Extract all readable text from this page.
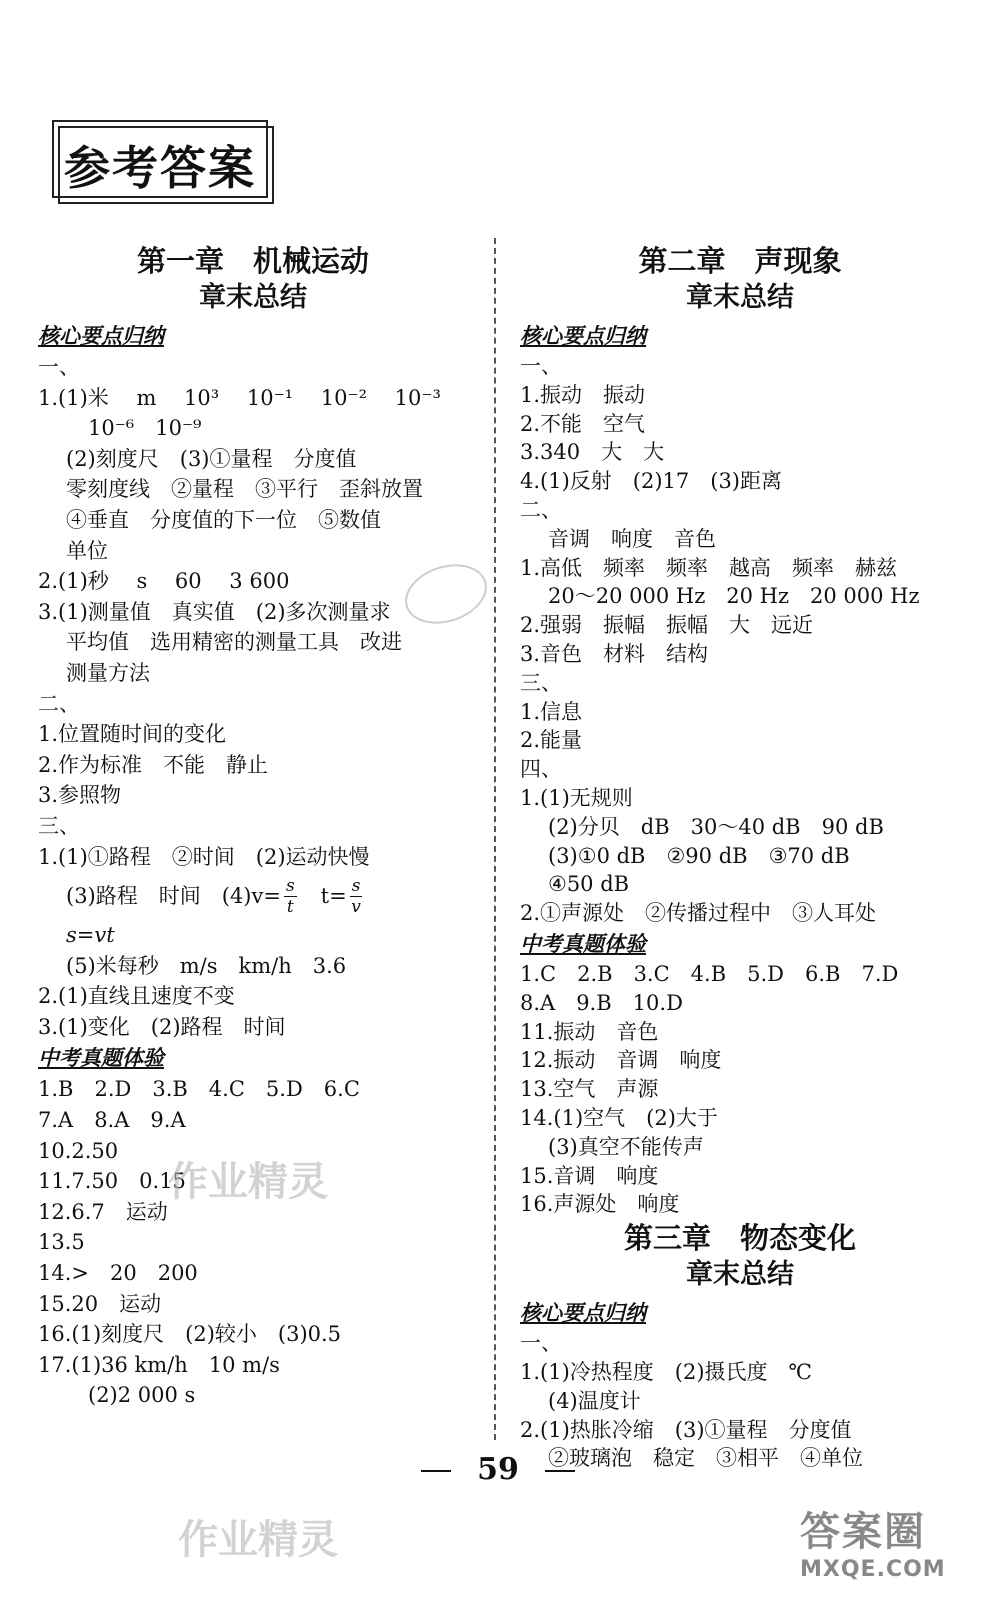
参考答案
第一章　机械运动
章末总结
核心要点归纳
一、
1.(1)米　 m　 10³　 10⁻¹　 10⁻²　 10⁻³
10⁻⁶　10⁻⁹
(2)刻度尺　(3)①量程　分度值
零刻度线　②量程　③平行　歪斜放置
④垂直　分度值的下一位　⑤数值
单位
2.(1)秒　 s　 60　 3 600
3.(1)测量值　真实值　(2)多次测量求
平均值　选用精密的测量工具　改进
测量方法
二、
1.位置随时间的变化
2.作为标准　不能　静止
3.参照物
三、
1.(1)①路程　②时间　(2)运动快慢
(3)路程　时间　$(4)v= \frac{s}{t}$ 　$t= \frac{s}{v}$
s=vt
(5)米每秒　m/s　km/h　3.6
2.(1)直线且速度不变
3.(1)变化　(2)路程　时间
中考真题体验
1.B　2.D　3.B　4.C　5.D　6.C
7.A　8.A　9.A
10.2.50
11.7.50　0.15
12.6.7　运动
13.5
14.>　20　200
15.20　运动
16.(1)刻度尺　(2)较小　(3)0.5
17.(1)36 km/h　10 m/s
(2)2 000 s
第二章　声现象
章末总结
核心要点归纳
一、
1.振动　振动
2.不能　空气
3.340　大　大
4.(1)反射　(2)17　(3)距离
二、
音调　响度　音色
1.高低　频率　频率　越高　频率　赫兹
20～20 000 Hz　20 Hz　20 000 Hz
2.强弱　振幅　振幅　大　远近
3.音色　材料　结构
三、
1.信息
2.能量
四、
1.(1)无规则
(2)分贝　dB　30～40 dB　90 dB
(3)①0 dB　②90 dB　③70 dB
④50 dB
2.①声源处　②传播过程中　③人耳处
中考真题体验
1.C　2.B　3.C　4.B　5.D　6.B　7.D
8.A　9.B　10.D
11.振动　音色
12.振动　音调　响度
13.空气　声源
14.(1)空气　(2)大于
(3)真空不能传声
15.音调　响度
16.声源处　响度
第三章　物态变化
章末总结
核心要点归纳
一、
1.(1)冷热程度　(2)摄氏度　℃
(4)温度计
2.(1)热胀冷缩　(3)①量程　分度值
②玻璃泡　稳定　③相平　④单位
59
作业精灵
作业精灵	答案圈
MXQE.COM
